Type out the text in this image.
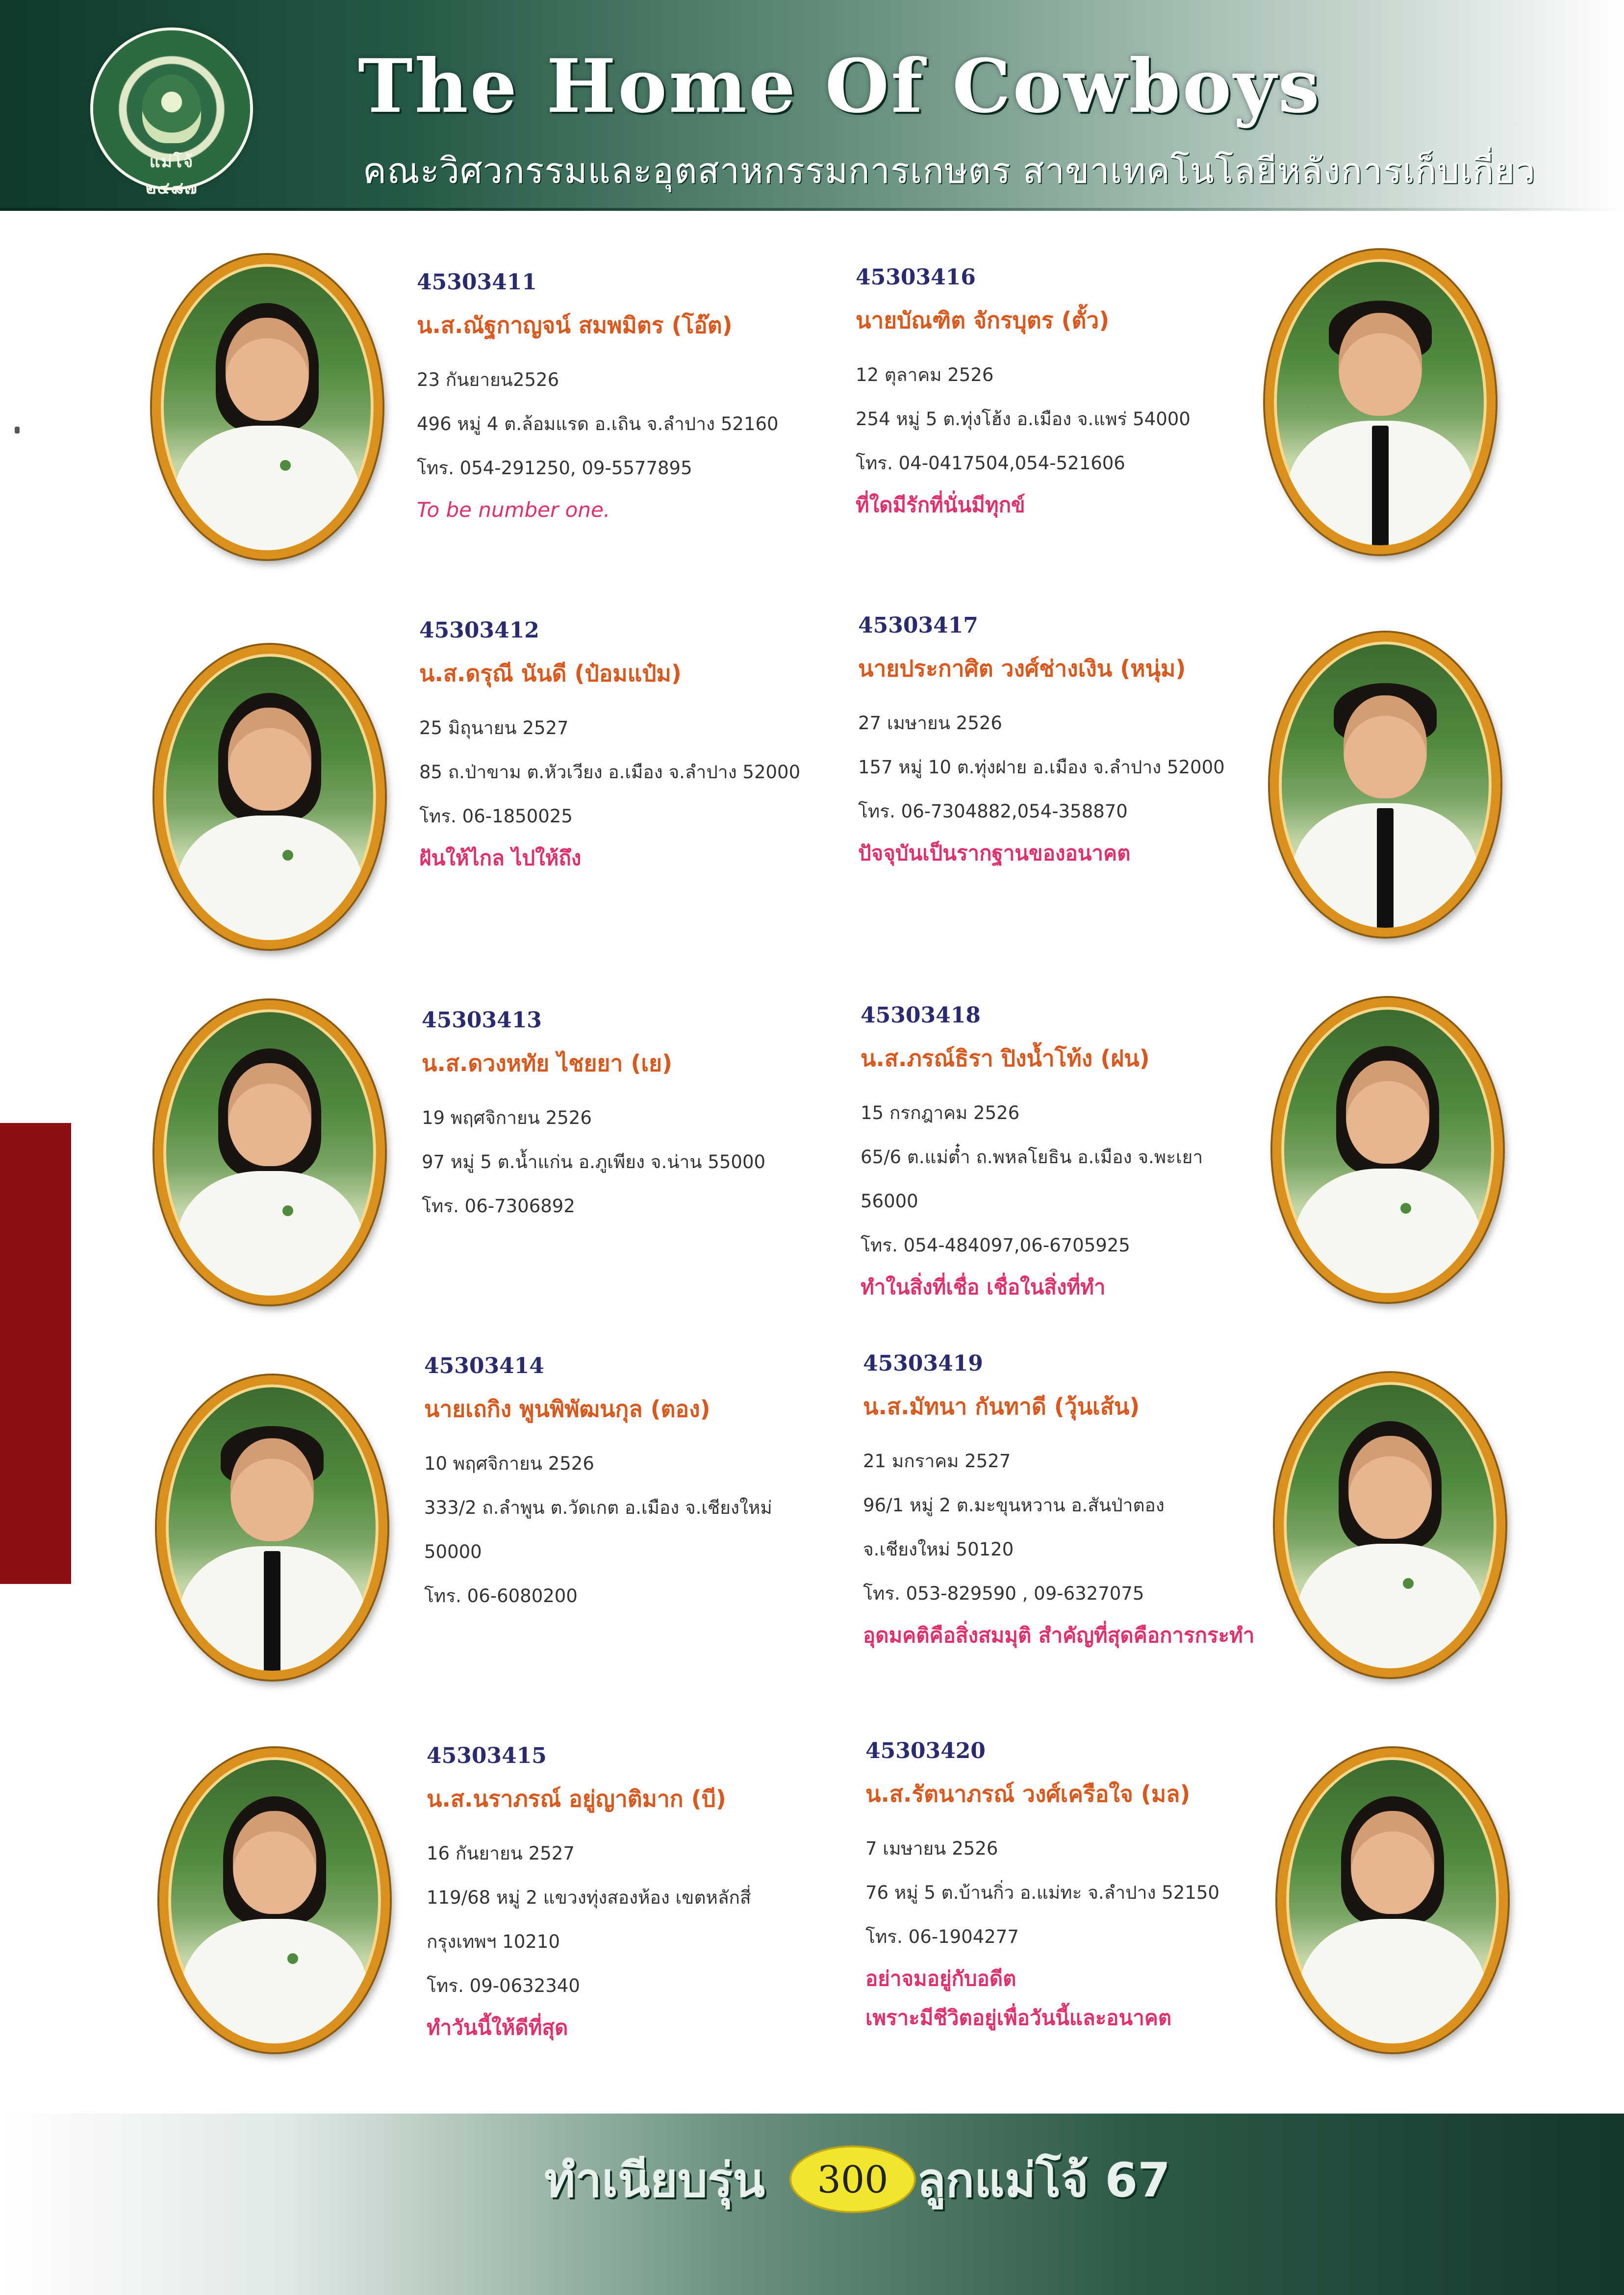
แม่โจ้ ๒๔๘๗
The Home Of Cowboys
คณะวิศวกรรมและอุตสาหกรรมการเกษตร สาขาเทคโนโลยีหลังการเก็บเกี่ยว
45303411
น.ส.ณัฐกาญจน์ สมพมิตร (โอ๊ต)
23 กันยายน2526
496 หมู่ 4 ต.ล้อมแรด อ.เถิน จ.ลำปาง 52160
โทร. 054-291250, 09-5577895
To be number one.
45303416
นายบัณฑิต จักรบุตร (ตั้ว)
12 ตุลาคม 2526
254 หมู่ 5 ต.ทุ่งโฮ้ง อ.เมือง จ.แพร่ 54000
โทร. 04-0417504,054-521606
ที่ใดมีรักที่นั่นมีทุกข์
45303412
น.ส.ดรุณี นันดี (ป๋อมแป๋ม)
25 มิถุนายน 2527
85 ถ.ป่าขาม ต.หัวเวียง อ.เมือง จ.ลำปาง 52000
โทร. 06-1850025
ฝันให้ไกล ไปให้ถึง
45303417
นายประกาศิต วงศ์ช่างเงิน (หนุ่ม)
27 เมษายน 2526
157 หมู่ 10 ต.ทุ่งฝาย อ.เมือง จ.ลำปาง 52000
โทร. 06-7304882,054-358870
ปัจจุบันเป็นรากฐานของอนาคต
45303413
น.ส.ดวงหทัย ไชยยา (เย)
19 พฤศจิกายน 2526
97 หมู่ 5 ต.น้ำแก่น อ.ภูเพียง จ.น่าน 55000
โทร. 06-7306892
45303418
น.ส.ภรณ์ธิรา ปิงน้ำโท้ง (ฝน)
15 กรกฎาคม 2526
65/6 ต.แม่ต๋ำ ถ.พหลโยธิน อ.เมือง จ.พะเยา
56000
โทร. 054-484097,06-6705925
ทำในสิ่งที่เชื่อ เชื่อในสิ่งที่ทำ
45303414
นายเถกิง พูนพิพัฒนกุล (ตอง)
10 พฤศจิกายน 2526
333/2 ถ.ลำพูน ต.วัดเกต อ.เมือง จ.เชียงใหม่
50000
โทร. 06-6080200
45303419
น.ส.มัทนา กันทาดี (วุ้นเส้น)
21 มกราคม 2527
96/1 หมู่ 2 ต.มะขุนหวาน อ.สันป่าตอง
จ.เชียงใหม่ 50120
โทร. 053-829590 , 09-6327075
อุดมคติคือสิ่งสมมุติ สำคัญที่สุดคือการกระทำ
45303415
น.ส.นราภรณ์ อยู่ญาติมาก (บี)
16 กันยายน 2527
119/68 หมู่ 2 แขวงทุ่งสองห้อง เขตหลักสี่
กรุงเทพฯ 10210
โทร. 09-0632340
ทำวันนี้ให้ดีที่สุด
45303420
น.ส.รัตนาภรณ์ วงศ์เครือใจ (มล)
7 เมษายน 2526
76 หมู่ 5 ต.บ้านกิ่ว อ.แม่ทะ จ.ลำปาง 52150
โทร. 06-1904277
อย่าจมอยู่กับอดีต
เพราะมีชีวิตอยู่เพื่อวันนี้และอนาคต
ทำเนียบรุ่น	300 ลูกแม่โจ้ 67
